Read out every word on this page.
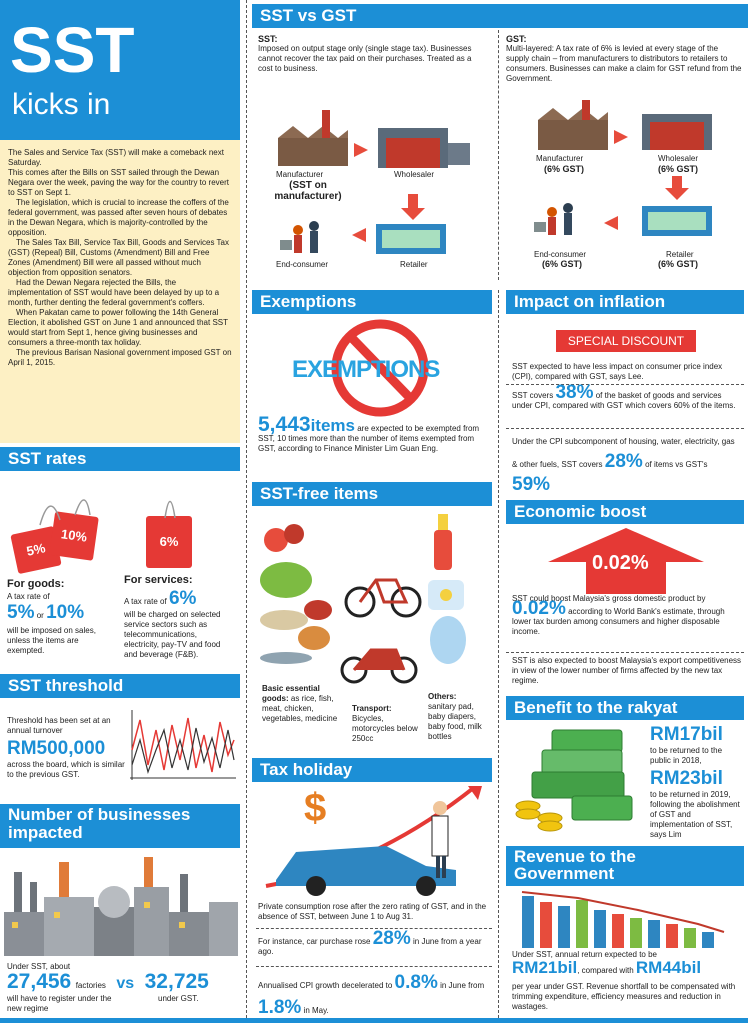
SST
kicks in
The Sales and Service Tax (SST) will make a comeback next Saturday.
This comes after the Bills on SST sailed through the Dewan Negara over the week, paving the way for the country to revert to SST on Sept 1.
The legislation, which is crucial to increase the coffers of the federal government, was passed after seven hours of debates in the Dewan Negara, which is majority-controlled by the opposition.
The Sales Tax Bill, Service Tax Bill, Goods and Services Tax (GST) (Repeal) Bill, Customs (Amendment) Bill and Free Zones (Amendment) Bill were all passed without much objection from opposition senators.
Had the Dewan Negara rejected the Bills, the implementation of SST would have been delayed by up to a month, further denting the federal government's coffers.
When Pakatan came to power following the 14th General Election, it abolished GST on June 1 and announced that SST would start from Sept 1, hence giving businesses and consumers a three-month tax holiday.
The previous Barisan Nasional government imposed GST on April 1, 2015.
SST rates
5%
10%	6%
For goods:
A tax rate of
5% or 10%
will be imposed on sales, unless the items are exempted.
For services:
A tax rate of 6%
will be charged on selected service sectors such as telecommunications, electricity, pay-TV and food and beverage (F&B).
SST threshold
Threshold has been set at an annual turnover
RM500,000
across the board, which is similar to the previous GST.
Number of businesses impacted
Under SST, about
27,456 factories vs 32,725
will have to register under the new regime
under GST.
SST vs GST
SST:
Imposed on output stage only (single stage tax). Businesses cannot recover the tax paid on their purchases. Treated as a cost to business.
GST:
Multi-layered: A tax rate of 6% is levied at every stage of the supply chain – from manufacturers to distributors to retailers to consumers. Businesses can make a claim for GST refund from the Government.
Manufacturer
(SST on manufacturer)
Wholesaler
End-consumer	Retailer
Manufacturer
(6% GST)
Wholesaler
(6% GST)
End-consumer
(6% GST)
Retailer
(6% GST)
Exemptions
EXEMPTIONS
5,443items are expected to be exempted from SST, 10 times more than the number of items exempted from GST, according to Finance Minister Lim Guan Eng.
SST-free items
Basic essential goods: as rice, fish, meat, chicken, vegetables, medicine
Transport:
Bicycles, motorcycles below 250cc
Others:
sanitary pad, baby diapers, baby food, milk bottles
Tax holiday
$
Private consumption rose after the zero rating of GST, and in the absence of SST, between June 1 to Aug 31.
For instance, car purchase rose 28% in June from a year ago.
Annualised CPI growth decelerated to 0.8% in June from 1.8% in May.
Impact on inflation
SPECIAL DISCOUNT
SST expected to have less impact on consumer price index (CPI), compared with GST, says Lee.
SST covers 38% of the basket of goods and services under CPI, compared with GST which covers 60% of the items.
Under the CPI subcomponent of housing, water, electricity, gas & other fuels, SST covers 28% of items vs GST's 59%
Economic boost
0.02%
SST could boost Malaysia's gross domestic product by 0.02% according to World Bank's estimate, through lower tax burden among consumers and higher disposable income.
SST is also expected to boost Malaysia's export competitiveness in view of the lower number of firms affected by the new tax regime.
Benefit to the rakyat
RM17bil
to be returned to the public in 2018,
RM23bil
to be returned in 2019, following the abolishment of GST and implementation of SST, says Lim
Revenue to the Government
Under SST, annual return expected to be
RM21bil, compared with RM44bil
per year under GST. Revenue shortfall to be compensated with trimming expenditure, efficiency measures and reduction in wastages.
